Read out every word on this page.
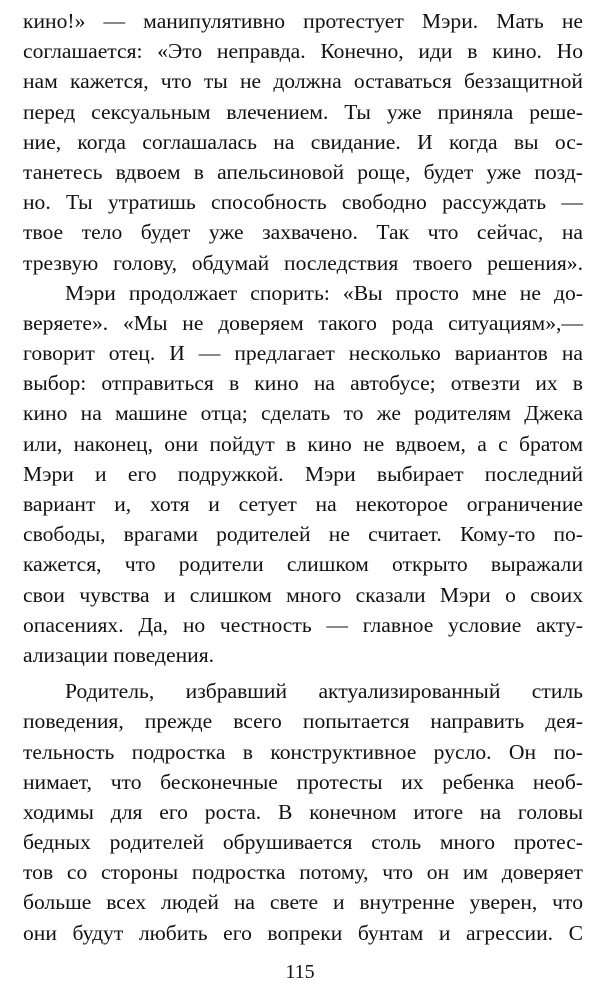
кино!» — манипулятивно протестует Мэри. Мать не
соглашается: «Это неправда. Конечно, иди в кино. Но
нам кажется, что ты не должна оставаться беззащитной
перед сексуальным влечением. Ты уже приняла реше-
ние, когда соглашалась на свидание. И когда вы ос-
танетесь вдвоем в апельсиновой роще, будет уже позд-
но. Ты утратишь способность свободно рассуждать —
твое тело будет уже захвачено. Так что сейчас, на
трезвую голову, обдумай последствия твоего решения».
Мэри продолжает спорить: «Вы просто мне не до-
веряете». «Мы не доверяем такого рода ситуациям»,—
говорит отец. И — предлагает несколько вариантов на
выбор: отправиться в кино на автобусе; отвезти их в
кино на машине отца; сделать то же родителям Джека
или, наконец, они пойдут в кино не вдвоем, а с братом
Мэри и его подружкой. Мэри выбирает последний
вариант и, хотя и сетует на некоторое ограничение
свободы, врагами родителей не считает. Кому-то по-
кажется, что родители слишком открыто выражали
свои чувства и слишком много сказали Мэри о своих
опасениях. Да, но честность — главное условие акту-
ализации поведения.
Родитель, избравший актуализированный стиль
поведения, прежде всего попытается направить дея-
тельность подростка в конструктивное русло. Он по-
нимает, что бесконечные протесты их ребенка необ-
ходимы для его роста. В конечном итоге на головы
бедных родителей обрушивается столь много протес-
тов со стороны подростка потому, что он им доверяет
больше всех людей на свете и внутренне уверен, что
они будут любить его вопреки бунтам и агрессии. С
115
